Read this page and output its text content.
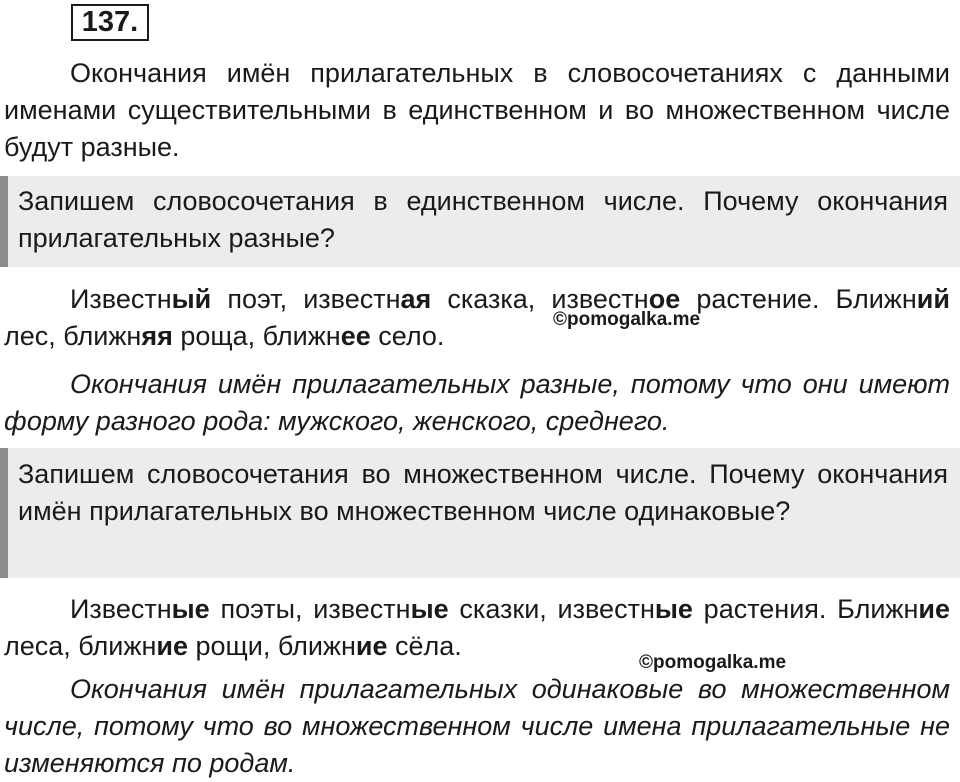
137.

Окончания имён прилагательных в словосочетаниях с данными именами существительными в единственном и во множественном числе будут разные.

Запишем словосочетания в единственном числе. Почему окончания прилагательных разные?

Известный поэт, известная сказка, известное растение. Ближний лес, ближняя роща, ближнее село.

Окончания имён прилагательных разные, потому что они имеют форму разного рода: мужского, женского, среднего.

Запишем словосочетания во множественном числе. Почему окончания имён прилагательных во множественном числе одинаковые?

Известные поэты, известные сказки, известные растения. Ближние леса, ближние рощи, ближние сёла.

Окончания имён прилагательных одинаковые во множественном числе, потому что во множественном числе имена прилагательные не изменяются по родам.

©pomogalka.me
©pomogalka.me
